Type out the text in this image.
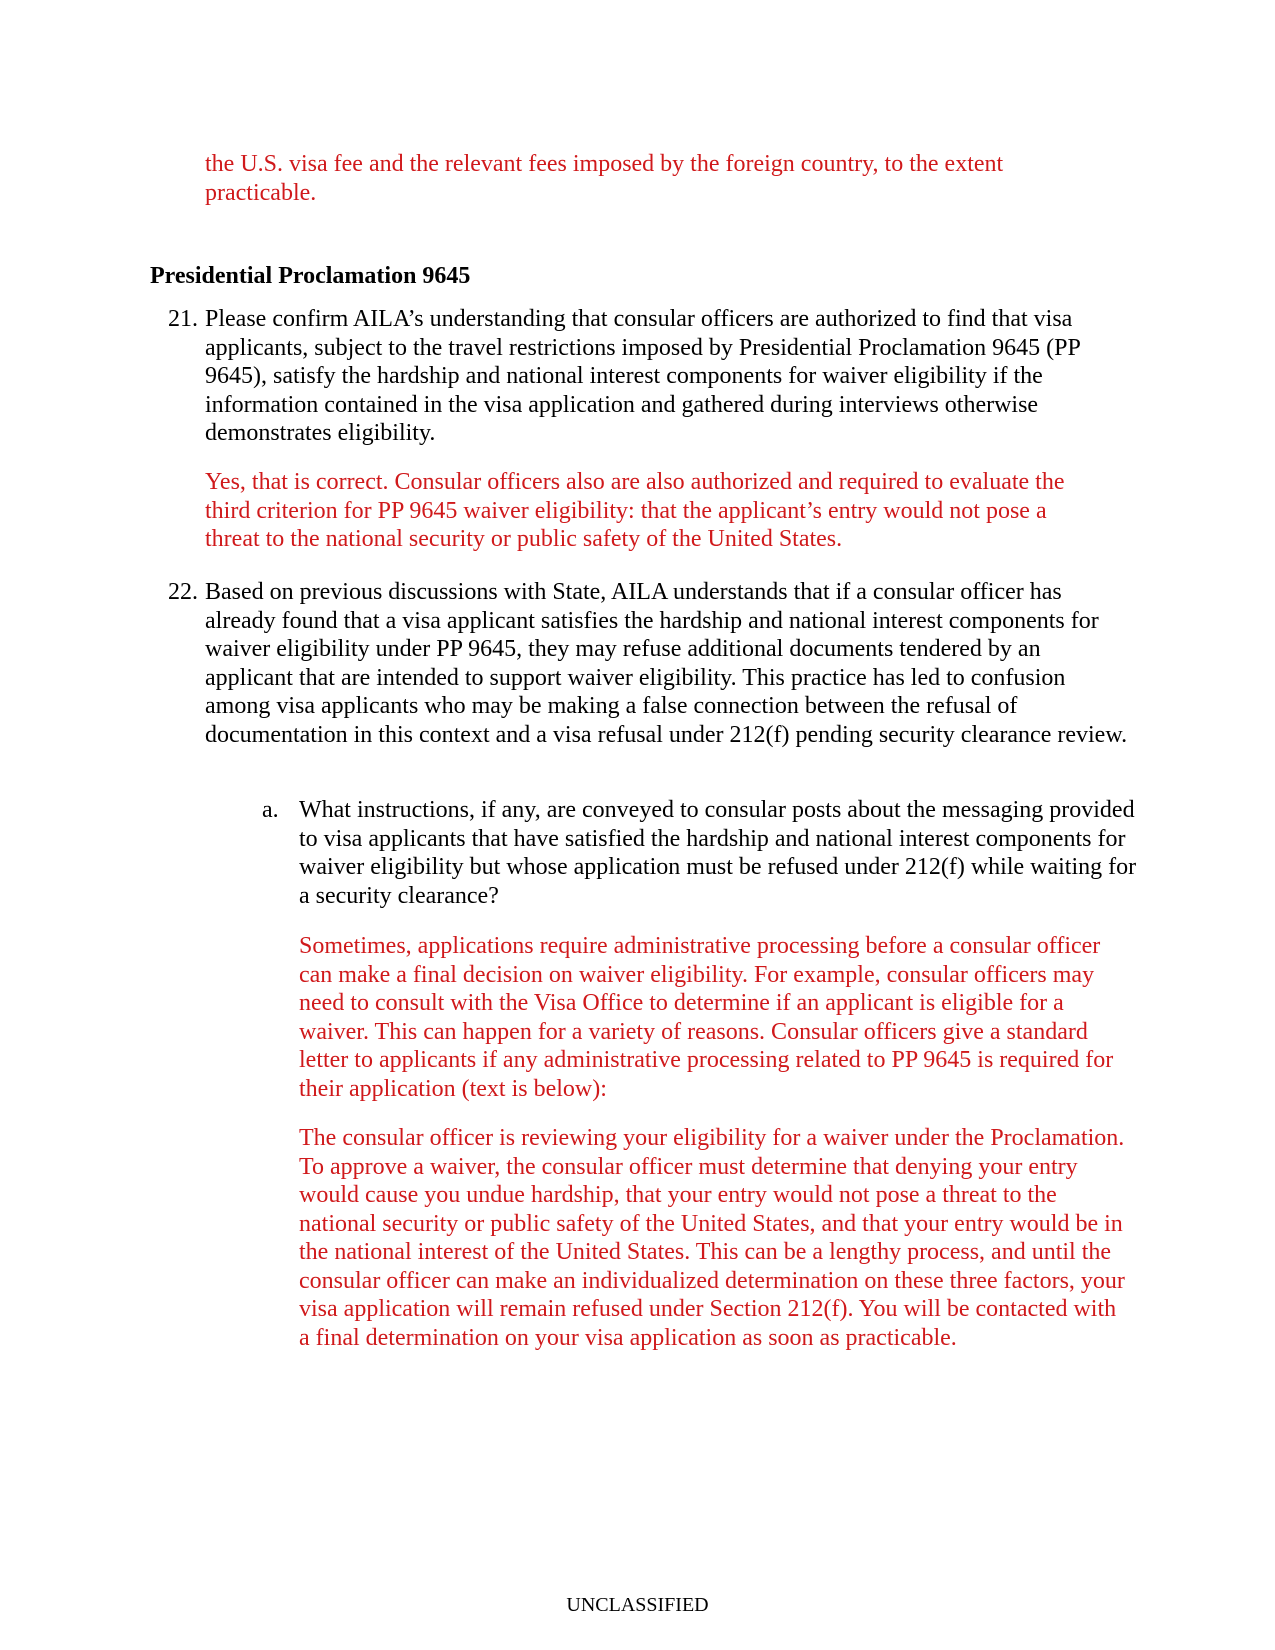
the U.S. visa fee and the relevant fees imposed by the foreign country, to the extent practicable.

Presidential Proclamation 9645
21. Please confirm AILA’s understanding that consular officers are authorized to find that visa applicants, subject to the travel restrictions imposed by Presidential Proclamation 9645 (PP 9645), satisfy the hardship and national interest components for waiver eligibility if the information contained in the visa application and gathered during interviews otherwise demonstrates eligibility.

Yes, that is correct. Consular officers also are also authorized and required to evaluate the third criterion for PP 9645 waiver eligibility: that the applicant’s entry would not pose a threat to the national security or public safety of the United States.

22. Based on previous discussions with State, AILA understands that if a consular officer has already found that a visa applicant satisfies the hardship and national interest components for waiver eligibility under PP 9645, they may refuse additional documents tendered by an applicant that are intended to support waiver eligibility. This practice has led to confusion among visa applicants who may be making a false connection between the refusal of documentation in this context and a visa refusal under 212(f) pending security clearance review.

a. What instructions, if any, are conveyed to consular posts about the messaging provided to visa applicants that have satisfied the hardship and national interest components for waiver eligibility but whose application must be refused under 212(f) while waiting for a security clearance?

Sometimes, applications require administrative processing before a consular officer can make a final decision on waiver eligibility. For example, consular officers may need to consult with the Visa Office to determine if an applicant is eligible for a waiver. This can happen for a variety of reasons. Consular officers give a standard letter to applicants if any administrative processing related to PP 9645 is required for their application (text is below):

The consular officer is reviewing your eligibility for a waiver under the Proclamation. To approve a waiver, the consular officer must determine that denying your entry would cause you undue hardship, that your entry would not pose a threat to the national security or public safety of the United States, and that your entry would be in the national interest of the United States. This can be a lengthy process, and until the consular officer can make an individualized determination on these three factors, your visa application will remain refused under Section 212(f). You will be contacted with a final determination on your visa application as soon as practicable.

UNCLASSIFIED
